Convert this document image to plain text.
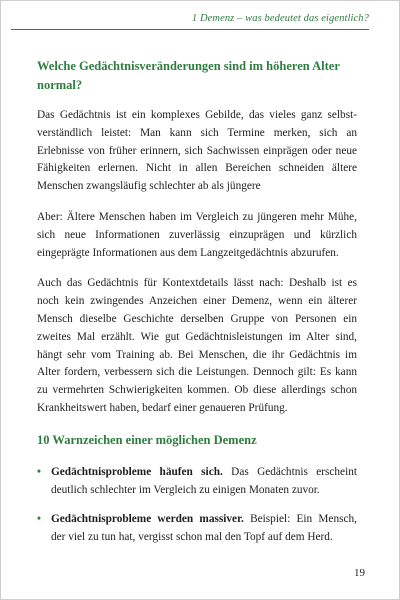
1 Demenz – was bedeutet das eigentlich?
Welche Gedächtnisveränderungen sind im höheren Alter normal?

Das Gedächtnis ist ein komplexes Gebilde, das vieles ganz selbstverständlich leistet: Man kann sich Termine merken, sich an Erlebnisse von früher erinnern, sich Sachwissen einprägen oder neue Fähigkeiten erlernen. Nicht in allen Bereichen schneiden ältere Menschen zwangsläufig schlechter ab als jüngere

Aber: Ältere Menschen haben im Vergleich zu jüngeren mehr Mühe, sich neue Informationen zuverlässig einzuprägen und kürzlich eingeprägte Informationen aus dem Langzeitgedächtnis abzurufen.

Auch das Gedächtnis für Kontextdetails lässt nach: Deshalb ist es noch kein zwingendes Anzeichen einer Demenz, wenn ein älterer Mensch dieselbe Geschichte derselben Gruppe von Personen ein zweites Mal erzählt. Wie gut Gedächtnisleistungen im Alter sind, hängt sehr vom Training ab. Bei Menschen, die ihr Gedächtnis im Alter fordern, verbessern sich die Leistungen. Dennoch gilt: Es kann zu vermehrten Schwierigkeiten kommen. Ob diese allerdings schon Krankheitswert haben, bedarf einer genaueren Prüfung.

10 Warnzeichen einer möglichen Demenz
• Gedächtnisprobleme häufen sich. Das Gedächtnis erscheint deutlich schlechter im Vergleich zu einigen Monaten zuvor.
• Gedächtnisprobleme werden massiver. Beispiel: Ein Mensch, der viel zu tun hat, vergisst schon mal den Topf auf dem Herd.
19
